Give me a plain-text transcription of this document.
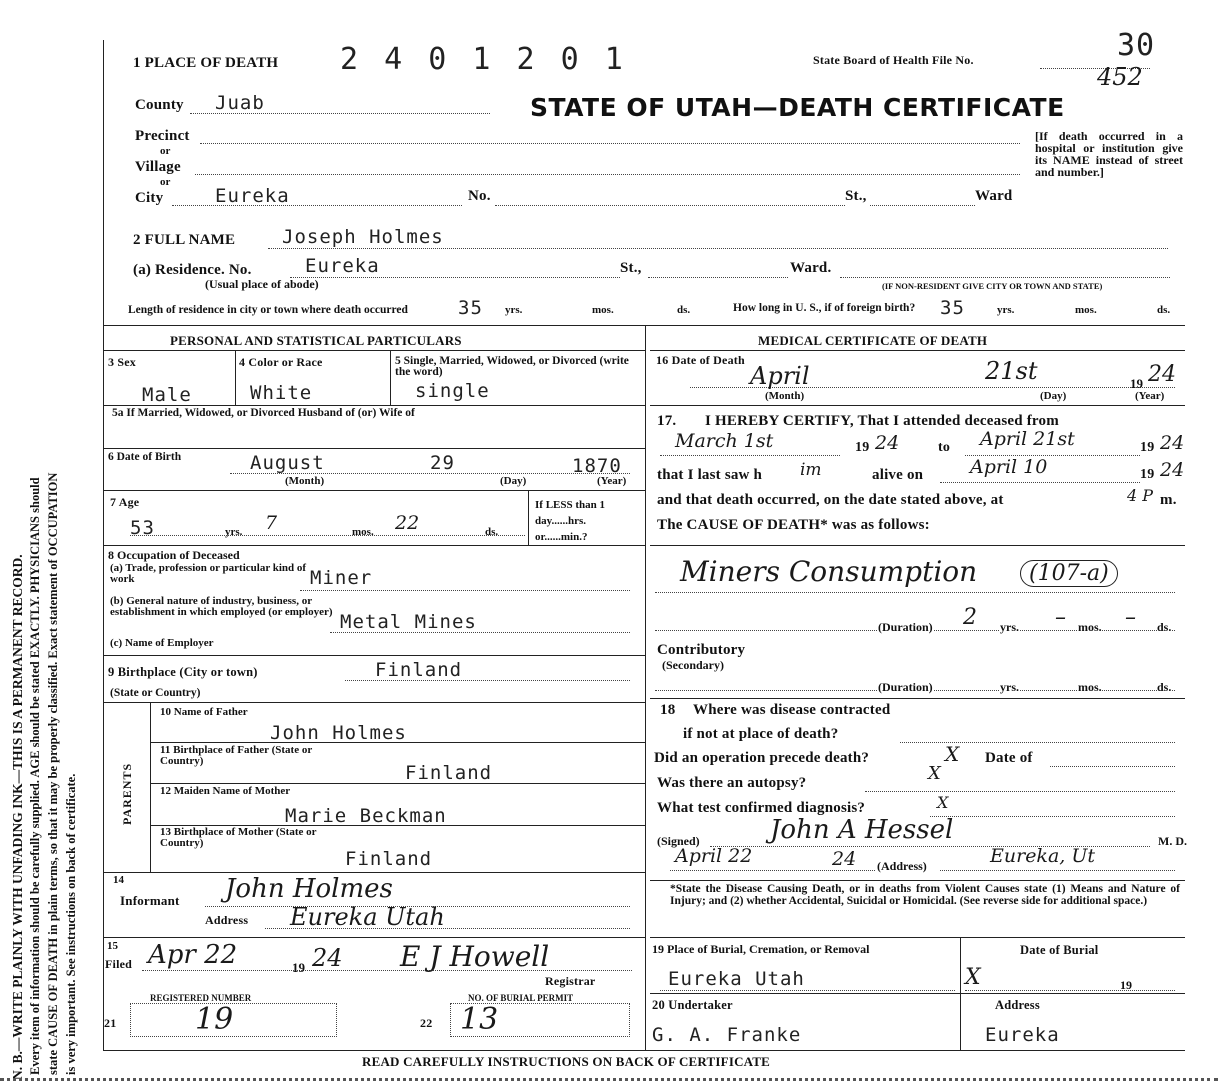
N. B.—WRITE PLAINLY WITH UNFADING INK—THIS IS A PERMANENT RECORD. Every item of information should be carefully supplied. AGE should be stated EXACTLY. PHYSICIANS should state CAUSE OF DEATH in plain terms, so that it may be properly classified. Exact statement of OCCUPATION is very important. See instructions on back of certificate.
1 PLACE OF DEATH 2 4 0 1 2 0 1	State Board of Health File No.	30
452
STATE OF UTAH—DEATH CERTIFICATE
County Juab
Precinct
or
Village
or
City	Eureka	No.	St.,	Ward
[If death occurred in a hospital or institution give its NAME instead of street and number.]
2 FULL NAME Joseph Holmes
(a) Residence. No.	Eureka
(Usual place of abode)
St.,	Ward.
(IF NON-RESIDENT GIVE CITY OR TOWN AND STATE)
Length of residence in city or town where death occurred	35 yrs.	mos.	ds.	How long in U. S., if of foreign birth? 35	yrs.	mos.	ds.
PERSONAL AND STATISTICAL PARTICULARS
3 Sex
Male
4 Color or Race
White
5 Single, Married, Widowed, or Divorced (write the word)
single
5a If Married, Widowed, or Divorced Husband of (or) Wife of
6 Date of Birth	August	29	1870
(Month)	(Day)	(Year)
7 Age
53	yrs. 7	mos. 22	ds.
If LESS than 1 day......hrs. or......min.?
8 Occupation of Deceased
(a) Trade, profession or particular kind of work	Miner
(b) General nature of industry, business, or establishment in which employed (or employer) Metal Mines
(c) Name of Employer
9 Birthplace (City or town)	Finland
(State or Country)
PARENTS
10 Name of Father
John Holmes
11 Birthplace of Father (State or Country)
Finland
12 Maiden Name of Mother
Marie Beckman
13 Birthplace of Mother (State or Country)
Finland
14
Informant John Holmes
Address Eureka Utah
15
Filed Apr 22	19 24 E J Howell
Registrar
REGISTERED NUMBER
21	19
NO. OF BURIAL PERMIT
22 13
MEDICAL CERTIFICATE OF DEATH
16 Date of Death
April	21st	19 24
(Month)	(Day)	(Year)
17. I HEREBY CERTIFY, That I attended deceased from
March 1st	19 24	to April 21st	19 24
that I last saw h im	alive on April 10	19 24
and that death occurred, on the date stated above, at	4 P m.
The CAUSE OF DEATH* was as follows:
Miners Consumption	(107-a)
(Duration) 2 yrs. – mos. – ds.
Contributory
(Secondary)
(Duration)	yrs.	mos.	ds.
18 Where was disease contracted
if not at place of death?
Did an operation precede death?	X Date of
Was there an autopsy?	X
What test confirmed diagnosis?	X
(Signed)	John A Hessel	M. D.
April 22	24 (Address)	Eureka, Ut
*State the Disease Causing Death, or in deaths from Violent Causes state (1) Means and Nature of Injury; and (2) whether Accidental, Suicidal or Homicidal. (See reverse side for additional space.)
19 Place of Burial, Cremation, or Removal
Eureka Utah
Date of Burial
X	19
20 Undertaker
G. A. Franke
Address
Eureka
READ CAREFULLY INSTRUCTIONS ON BACK OF CERTIFICATE
